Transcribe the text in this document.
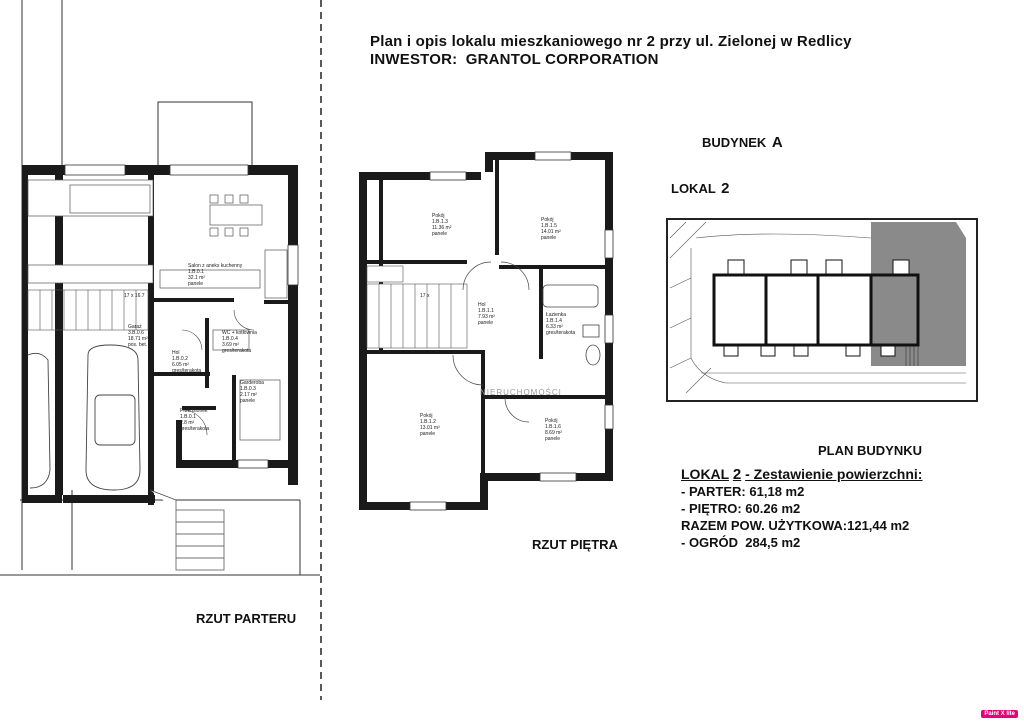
Plan i opis lokalu mieszkaniowego nr 2 przy ul. Zielonej w Redlicy
INWESTOR: GRANTOL CORPORATION
BUDYNEK A
LOKAL 2
PLAN BUDYNKU
LOKAL 2 - Zestawienie powierzchni:
- PARTER: 61,18 m2
- PIĘTRO: 60.26 m2
RAZEM POW. UŻYTKOWA:121,44 m2
- OGRÓD 284,5 m2
Salon z aneks kuchenny
1.B.0.1
32.1 m²
panele
Garaż
3.B.0.6
18.71 m²
pos. bet.
WC + kotłownia
1.B.0.4
3.69 m²
gres/terakota
Hol
1.B.0.2
6.05 m²
gres/terakota
Garderoba
1.B.0.3
2.17 m²
panele
Przedsionek
1.B.0.1
2.8 m²
gres/terakota
17 x 16.7
RZUT PARTERU
Pokój
1.B.1.3
11.36 m²
panele
Pokój
1.B.1.5
14.01 m²
panele
Hol
1.B.1.1
7.93 m²
panele
Łazienka
1.B.1.4
6.33 m²
gres/terakota
Pokój
1.B.1.2
13.01 m²
panele
Pokój
1.B.1.6
8.69 m²
panele
17 x
NIERUCHOMOŚCI
RZUT PIĘTRA
Paint X lite
